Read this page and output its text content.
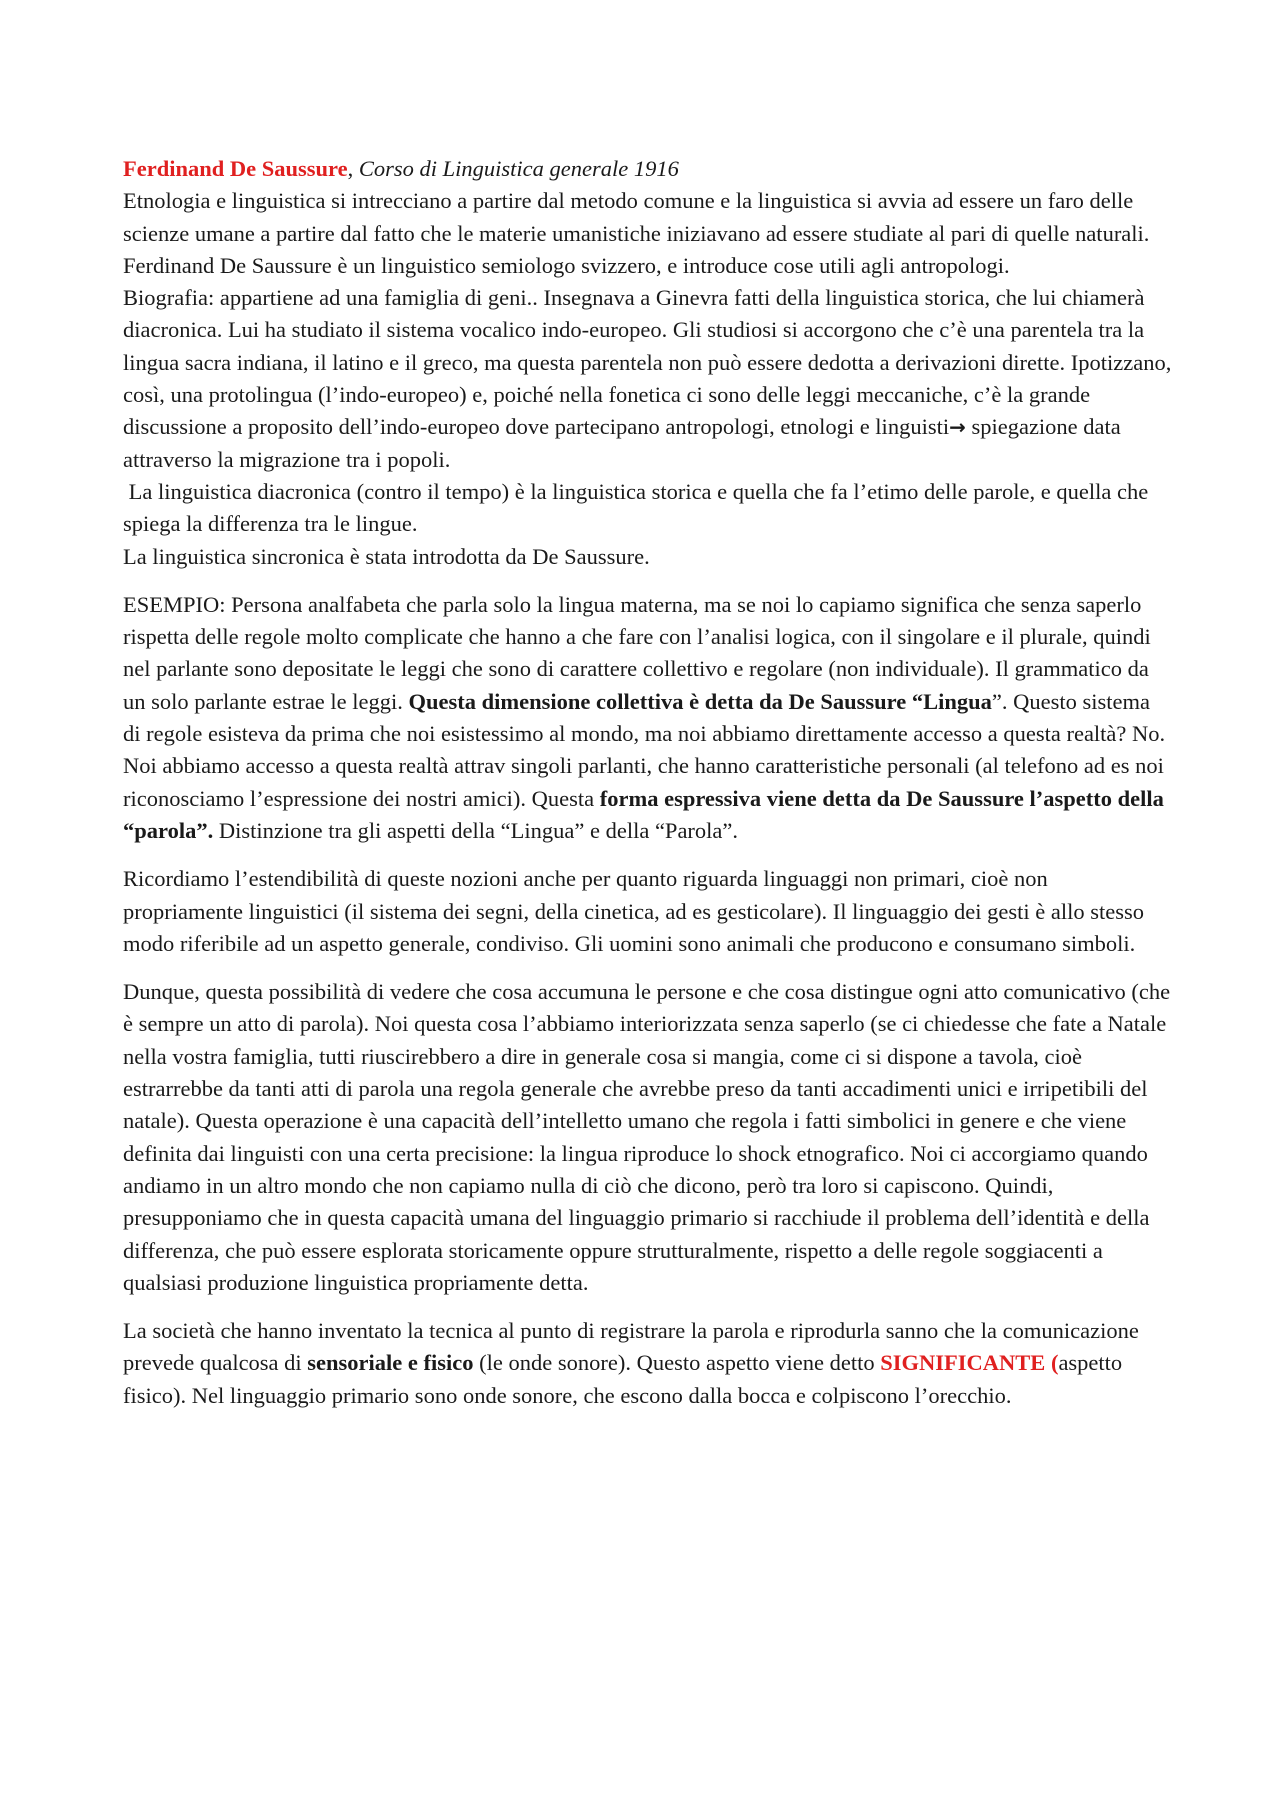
Ferdinand De Saussure, Corso di Linguistica generale 1916

Etnologia e linguistica si intrecciano a partire dal metodo comune e la linguistica si avvia ad essere un faro delle scienze umane a partire dal fatto che le materie umanistiche iniziavano ad essere studiate al pari di quelle naturali.

Ferdinand De Saussure è un linguistico semiologo svizzero, e introduce cose utili agli antropologi.

Biografia: appartiene ad una famiglia di geni.. Insegnava a Ginevra fatti della linguistica storica, che lui chiamerà diacronica. Lui ha studiato il sistema vocalico indo-europeo. Gli studiosi si accorgono che c’è una parentela tra la lingua sacra indiana, il latino e il greco, ma questa parentela non può essere dedotta a derivazioni dirette. Ipotizzano, così, una protolingua (l’indo-europeo) e, poiché nella fonetica ci sono delle leggi meccaniche, c’è la grande discussione a proposito dell’indo-europeo dove partecipano antropologi, etnologi e linguisti→ spiegazione data attraverso la migrazione tra i popoli.

La linguistica diacronica (contro il tempo) è la linguistica storica e quella che fa l’etimo delle parole, e quella che spiega la differenza tra le lingue.

La linguistica sincronica è stata introdotta da De Saussure.

ESEMPIO: Persona analfabeta che parla solo la lingua materna, ma se noi lo capiamo significa che senza saperlo rispetta delle regole molto complicate che hanno a che fare con l’analisi logica, con il singolare e il plurale, quindi nel parlante sono depositate le leggi che sono di carattere collettivo e regolare (non individuale). Il grammatico da un solo parlante estrae le leggi. Questa dimensione collettiva è detta da De Saussure “Lingua”. Questo sistema di regole esisteva da prima che noi esistessimo al mondo, ma noi abbiamo direttamente accesso a questa realtà? No. Noi abbiamo accesso a questa realtà attrav singoli parlanti, che hanno caratteristiche personali (al telefono ad es noi riconosciamo l’espressione dei nostri amici). Questa forma espressiva viene detta da De Saussure l’aspetto della “parola”. Distinzione tra gli aspetti della “Lingua” e della “Parola”.

Ricordiamo l’estendibilità di queste nozioni anche per quanto riguarda linguaggi non primari, cioè non propriamente linguistici (il sistema dei segni, della cinetica, ad es gesticolare). Il linguaggio dei gesti è allo stesso modo riferibile ad un aspetto generale, condiviso. Gli uomini sono animali che producono e consumano simboli.

Dunque, questa possibilità di vedere che cosa accumuna le persone e che cosa distingue ogni atto comunicativo (che è sempre un atto di parola). Noi questa cosa l’abbiamo interiorizzata senza saperlo (se ci chiedesse che fate a Natale nella vostra famiglia, tutti riuscirebbero a dire in generale cosa si mangia, come ci si dispone a tavola, cioè estrarrebbe da tanti atti di parola una regola generale che avrebbe preso da tanti accadimenti unici e irripetibili del natale). Questa operazione è una capacità dell’intelletto umano che regola i fatti simbolici in genere e che viene definita dai linguisti con una certa precisione: la lingua riproduce lo shock etnografico. Noi ci accorgiamo quando andiamo in un altro mondo che non capiamo nulla di ciò che dicono, però tra loro si capiscono. Quindi, presupponiamo che in questa capacità umana del linguaggio primario si racchiude il problema dell’identità e della differenza, che può essere esplorata storicamente oppure strutturalmente, rispetto a delle regole soggiacenti a qualsiasi produzione linguistica propriamente detta.

La società che hanno inventato la tecnica al punto di registrare la parola e riprodurla sanno che la comunicazione prevede qualcosa di sensoriale e fisico (le onde sonore). Questo aspetto viene detto SIGNIFICANTE (aspetto fisico). Nel linguaggio primario sono onde sonore, che escono dalla bocca e colpiscono l’orecchio.
